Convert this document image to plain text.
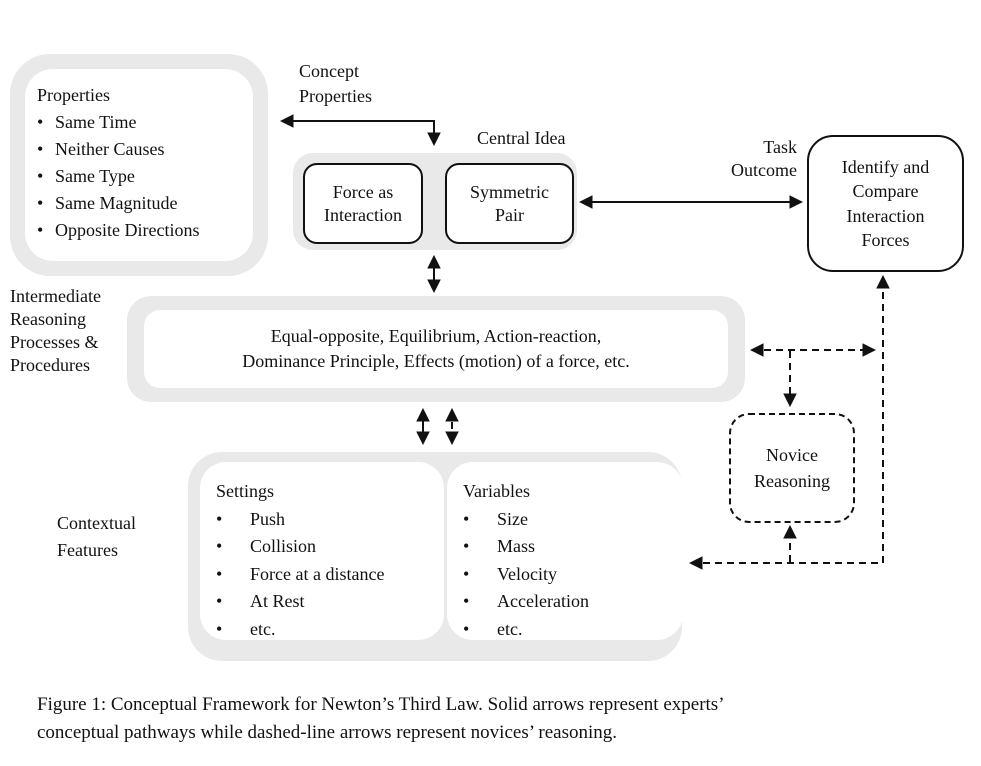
Properties
• Same Time
• Neither Causes
• Same Type
• Same Magnitude
• Opposite Directions
Concept
Properties
Central Idea
Force as
Interaction
Symmetric
Pair
Task
Outcome Identify and
Compare
Interaction
Forces
Intermediate
Reasoning
Processes &
Procedures
Equal-opposite, Equilibrium, Action-reaction,
Dominance Principle, Effects (motion) of a force, etc.
Contextual
Features
Settings
• Push
• Collision
• Force at a distance
• At Rest
• etc.
Variables
• Size
• Mass
• Velocity
• Acceleration
• etc.
Novice
Reasoning
Figure 1: Conceptual Framework for Newton’s Third Law. Solid arrows represent experts’
conceptual pathways while dashed-line arrows represent novices’ reasoning.
